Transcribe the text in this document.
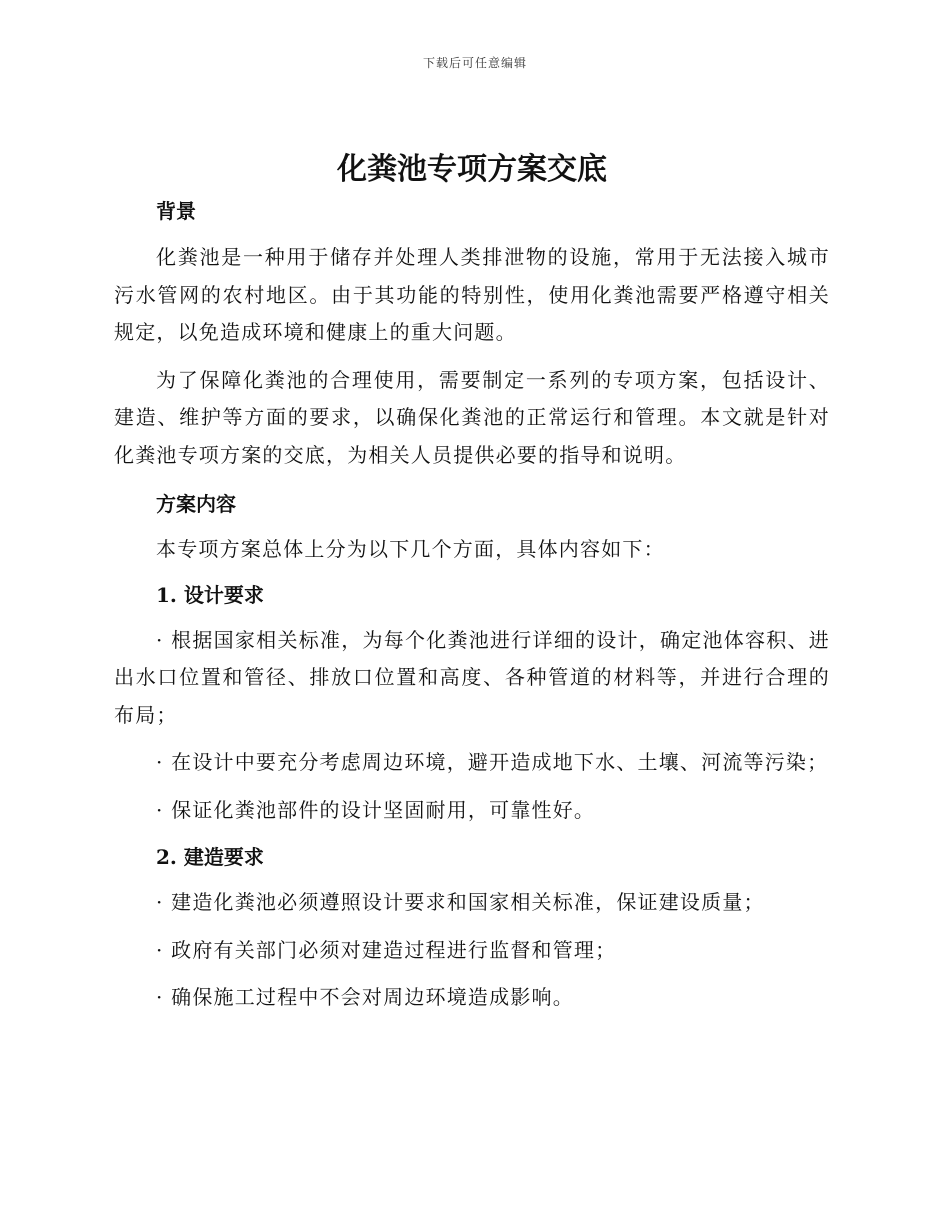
下载后可任意编辑
化粪池专项方案交底

背景

化粪池是一种用于储存并处理人类排泄物的设施，常用于无法接入城市污水管网的农村地区。由于其功能的特别性，使用化粪池需要严格遵守相关规定，以免造成环境和健康上的重大问题。

为了保障化粪池的合理使用，需要制定一系列的专项方案，包括设计、建造、维护等方面的要求，以确保化粪池的正常运行和管理。本文就是针对化粪池专项方案的交底，为相关人员提供必要的指导和说明。

方案内容

本专项方案总体上分为以下几个方面，具体内容如下：

1. 设计要求

· 根据国家相关标准，为每个化粪池进行详细的设计，确定池体容积、进出水口位置和管径、排放口位置和高度、各种管道的材料等，并进行合理的布局；

· 在设计中要充分考虑周边环境，避开造成地下水、土壤、河流等污染；

· 保证化粪池部件的设计坚固耐用，可靠性好。

2. 建造要求

· 建造化粪池必须遵照设计要求和国家相关标准，保证建设质量；

· 政府有关部门必须对建造过程进行监督和管理；

· 确保施工过程中不会对周边环境造成影响。
